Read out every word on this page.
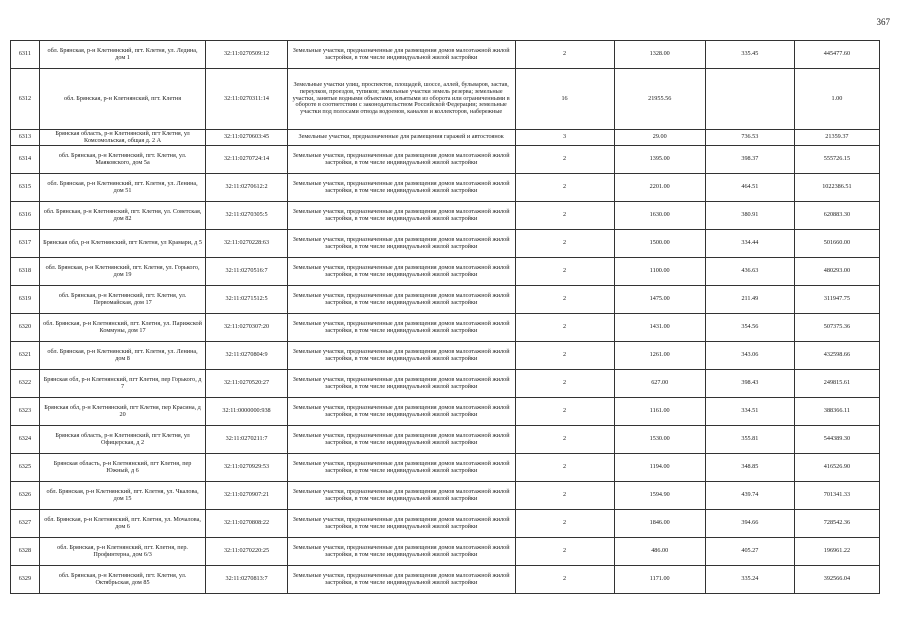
367
6311	обл. Брянская, р-н Клетнянский, пгт. Клетня, ул. Ледина, дом 1	32:11:0270509:12	Земельные участки, предназначенные для размещения домов малоэтажной жилой застройки, в том числе индивидуальной жилой застройки	2	1328.00	335.45	445477.60
6312	обл. Брянская, р-н Клетнянский, пгт. Клетня	32:11:0270311:14	Земельные участки улиц, проспектов, площадей, шоссе, аллей, бульваров, застав, переулков, проездов, тупиков; земельные участки земель резерва; земельные участки, занятые водными объектами, изъятыми из оборота или ограниченными в обороте в соответствии с законодательством Российской Федерации; земельные участки под полосами отвода водоемов, каналов и коллекторов, набережные	16	21955.56		1.00
6313	Брянская область, р-н Клетнянский, пгт Клетня, ул Комсомольская, общая д. 2 А	32:11:0270603:45	Земельные участки, предназначенные для размещения гаражей и автостоянок	3	29.00	736.53	21359.37
6314	обл. Брянская, р-н Клетнянский, пгт. Клетня, ул. Маяковского, дом 5а	32:11:0270724:14	Земельные участки, предназначенные для размещения домов малоэтажной жилой застройки, в том числе индивидуальной жилой застройки	2	1395.00	398.37	555726.15
6315	обл. Брянская, р-н Клетнянский, пгт. Клетня, ул. Ленина, дом 51	32:11:0270612:2	Земельные участки, предназначенные для размещения домов малоэтажной жилой застройки, в том числе индивидуальной жилой застройки	2	2201.00	464.51	1022386.51
6316	обл. Брянская, р-н Клетнянский, пгт. Клетня, ул. Советская, дом 82	32:11:0270305:5	Земельные участки, предназначенные для размещения домов малоэтажной жилой застройки, в том числе индивидуальной жилой застройки	2	1630.00	380.91	620883.30
6317	Брянская обл, р-н Клетнянский, пгт Клетня, ул Крамари, д 5	32:11:0270228:63	Земельные участки, предназначенные для размещения домов малоэтажной жилой застройки, в том числе индивидуальной жилой застройки	2	1500.00	334.44	501660.00
6318	обл. Брянская, р-н Клетнянский, пгт. Клетня, ул. Горького, дом 19	32:11:0270516:7	Земельные участки, предназначенные для размещения домов малоэтажной жилой застройки, в том числе индивидуальной жилой застройки	2	1100.00	436.63	480293.00
6319	обл. Брянская, р-н Клетнянский, пгт. Клетня, ул. Первомайская, дом 17	32:11:0271512:5	Земельные участки, предназначенные для размещения домов малоэтажной жилой застройки, в том числе индивидуальной жилой застройки	2	1475.00	211.49	311947.75
6320	обл. Брянская, р-н Клетнянский, пгт. Клетня, ул. Парижской Коммуны, дом 17	32:11:0270307:20	Земельные участки, предназначенные для размещения домов малоэтажной жилой застройки, в том числе индивидуальной жилой застройки	2	1431.00	354.56	507375.36
6321	обл. Брянская, р-н Клетнянский, пгт. Клетня, ул. Ленина, дом 8	32:11:0270804:9	Земельные участки, предназначенные для размещения домов малоэтажной жилой застройки, в том числе индивидуальной жилой застройки	2	1261.00	343.06	432598.66
6322	Брянская обл, р-н Клетнянский, пгт Клетня, пер Горького, д 7	32:11:0270520:27	Земельные участки, предназначенные для размещения домов малоэтажной жилой застройки, в том числе индивидуальной жилой застройки	2	627.00	398.43	249815.61
6323	Брянская обл, р-н Клетнянский, пгт Клетня, пер Красина, д 20	32:11:0000000:938	Земельные участки, предназначенные для размещения домов малоэтажной жилой застройки, в том числе индивидуальной жилой застройки	2	1161.00	334.51	388366.11
6324	Брянская область, р-н Клетнянский, пгт Клетня, ул Офицерская, д 2	32:11:0270211:7	Земельные участки, предназначенные для размещения домов малоэтажной жилой застройки, в том числе индивидуальной жилой застройки	2	1530.00	355.81	544389.30
6325	Брянская область, р-н Клетнянский, пгт Клетня, пер Южный, д 6	32:11:0270929:53	Земельные участки, предназначенные для размещения домов малоэтажной жилой застройки, в том числе индивидуальной жилой застройки	2	1194.00	348.85	416526.90
6326	обл. Брянская, р-н Клетнянский, пгт. Клетня, ул. Чкалова, дом 15	32:11:0270907:21	Земельные участки, предназначенные для размещения домов малоэтажной жилой застройки, в том числе индивидуальной жилой застройки	2	1594.90	439.74	701341.33
6327	обл. Брянская, р-н Клетнянский, пгт. Клетня, ул. Мочалова, дом 6	32:11:0270808:22	Земельные участки, предназначенные для размещения домов малоэтажной жилой застройки, в том числе индивидуальной жилой застройки	2	1846.00	394.66	728542.36
6328	обл. Брянская, р-н Клетнянский, пгт. Клетня, пер. Профинтерна, дом 6/3	32:11:0270220:25	Земельные участки, предназначенные для размещения домов малоэтажной жилой застройки, в том числе индивидуальной жилой застройки	2	486.00	405.27	196961.22
6329	обл. Брянская, р-н Клетнянский, пгт. Клетня, ул. Октябрьская, дом 85	32:11:0270813:7	Земельные участки, предназначенные для размещения домов малоэтажной жилой застройки, в том числе индивидуальной жилой застройки	2	1171.00	335.24	392566.04
